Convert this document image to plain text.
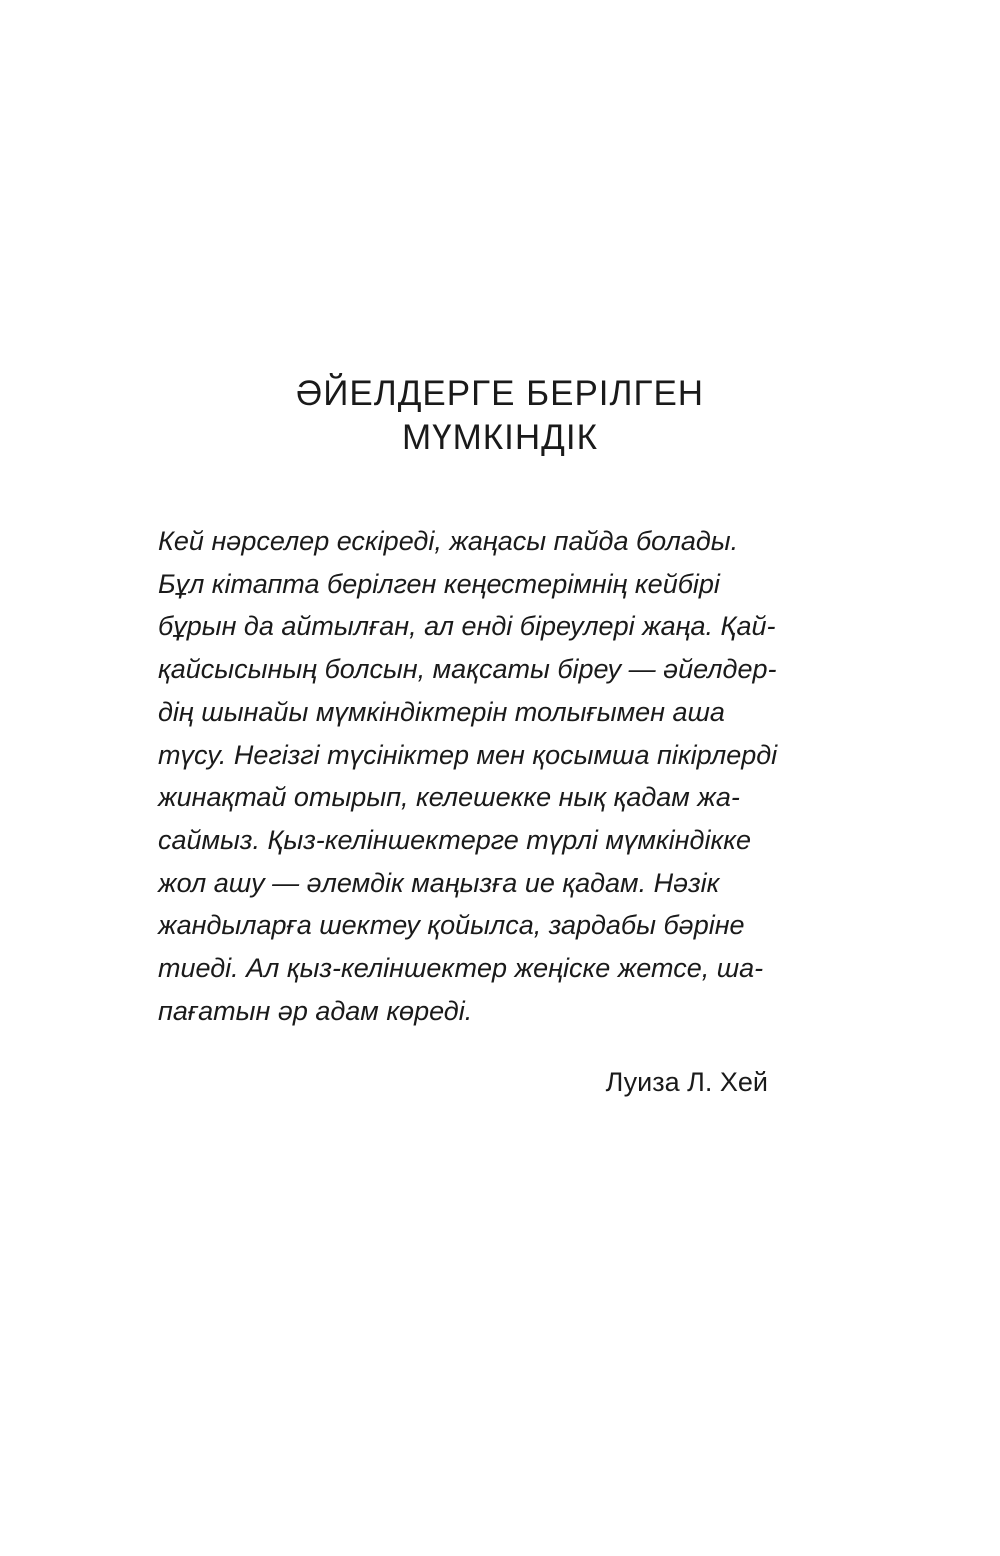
ӘЙЕЛДЕРГЕ БЕРІЛГЕН
МҮМКІНДІК

Кей нәрселер ескіреді, жаңасы пайда болады.
Бұл кітапта берілген кеңестерімнің кейбірі
бұрын да айтылған, ал енді біреулері жаңа. Қай-
қайсысының болсын, мақсаты біреу — әйелдер-
дің шынайы мүмкіндіктерін толығымен аша
түсу. Негізгі түсініктер мен қосымша пікірлерді
жинақтай отырып, келешекке нық қадам жа-
саймыз. Қыз-келіншектерге түрлі мүмкіндікке
жол ашу — әлемдік маңызға ие қадам. Нәзік
жандыларға шектеу қойылса, зардабы бәріне
тиеді. Ал қыз-келіншектер жеңіске жетсе, ша-
пағатын әр адам көреді.

Луиза Л. Хей
